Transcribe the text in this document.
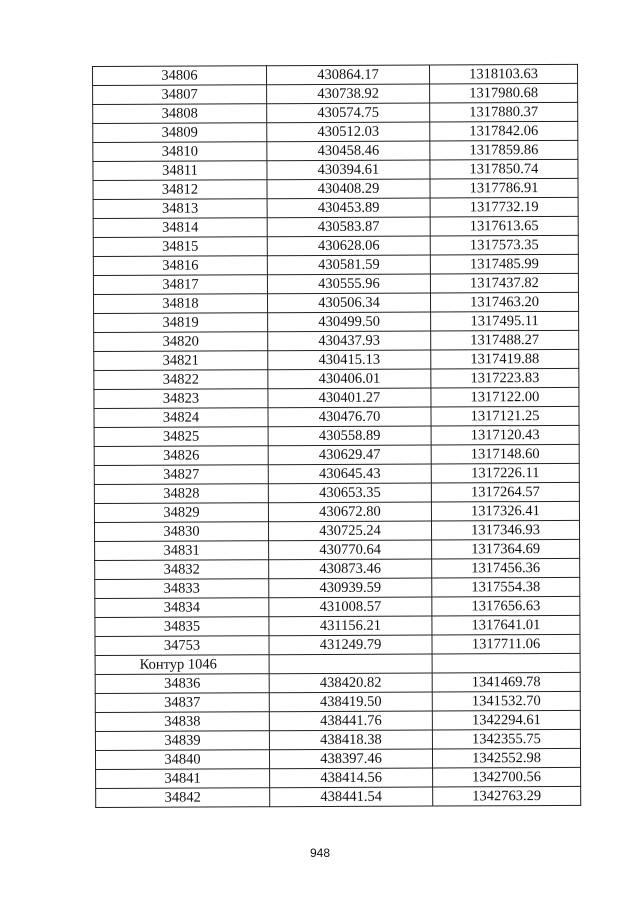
34806	430864.17	1318103.63
34807	430738.92	1317980.68
34808	430574.75	1317880.37
34809	430512.03	1317842.06
34810	430458.46	1317859.86
34811	430394.61	1317850.74
34812	430408.29	1317786.91
34813	430453.89	1317732.19
34814	430583.87	1317613.65
34815	430628.06	1317573.35
34816	430581.59	1317485.99
34817	430555.96	1317437.82
34818	430506.34	1317463.20
34819	430499.50	1317495.11
34820	430437.93	1317488.27
34821	430415.13	1317419.88
34822	430406.01	1317223.83
34823	430401.27	1317122.00
34824	430476.70	1317121.25
34825	430558.89	1317120.43
34826	430629.47	1317148.60
34827	430645.43	1317226.11
34828	430653.35	1317264.57
34829	430672.80	1317326.41
34830	430725.24	1317346.93
34831	430770.64	1317364.69
34832	430873.46	1317456.36
34833	430939.59	1317554.38
34834	431008.57	1317656.63
34835	431156.21	1317641.01
34753	431249.79	1317711.06
Контур 1046		
34836	438420.82	1341469.78
34837	438419.50	1341532.70
34838	438441.76	1342294.61
34839	438418.38	1342355.75
34840	438397.46	1342552.98
34841	438414.56	1342700.56
34842	438441.54	1342763.29
948
